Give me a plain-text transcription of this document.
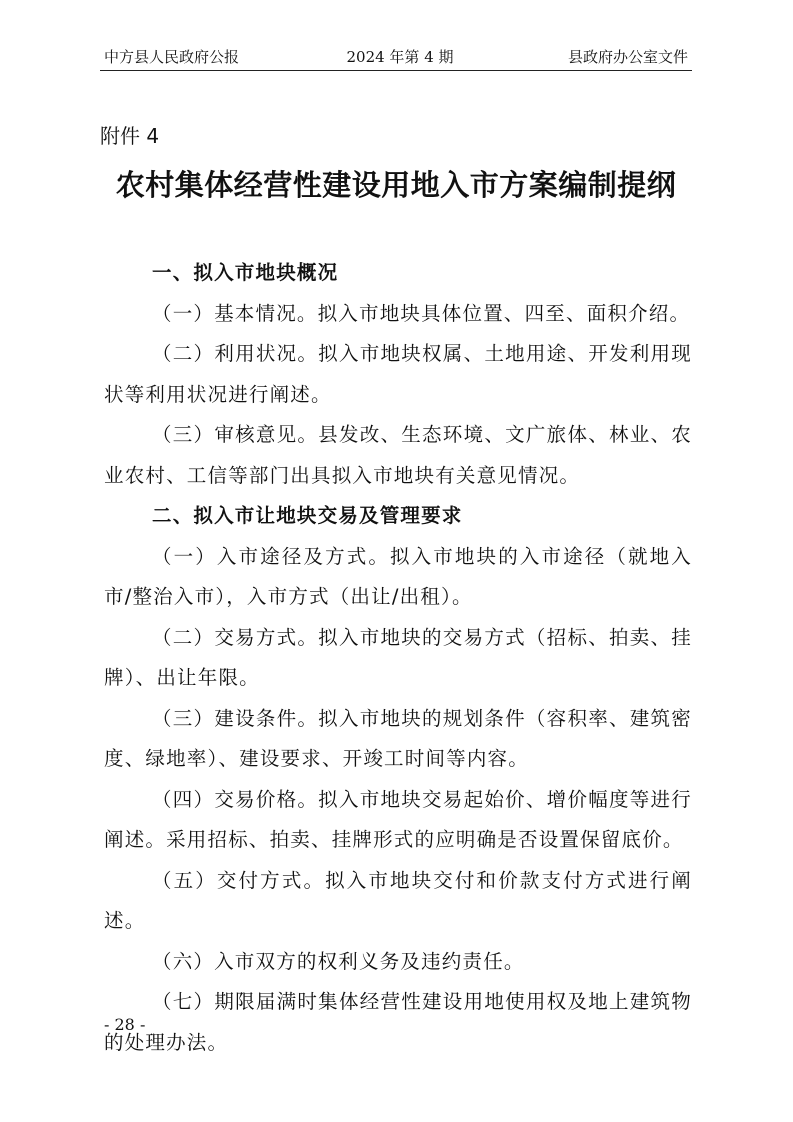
中方县人民政府公报	2024 年第 4 期	县政府办公室文件
附件 4
农村集体经营性建设用地入市方案编制提纲

一、拟入市地块概况

（一）基本情况。拟入市地块具体位置、四至、面积介绍。

（二）利用状况。拟入市地块权属、土地用途、开发利用现状等利用状况进行阐述。

（三）审核意见。县发改、生态环境、文广旅体、林业、农业农村、工信等部门出具拟入市地块有关意见情况。

二、拟入市让地块交易及管理要求

（一）入市途径及方式。拟入市地块的入市途径（就地入市/整治入市），入市方式（出让/出租）。

（二）交易方式。拟入市地块的交易方式（招标、拍卖、挂牌）、出让年限。

（三）建设条件。拟入市地块的规划条件（容积率、建筑密度、绿地率）、建设要求、开竣工时间等内容。

（四）交易价格。拟入市地块交易起始价、增价幅度等进行阐述。采用招标、拍卖、挂牌形式的应明确是否设置保留底价。

（五）交付方式。拟入市地块交付和价款支付方式进行阐述。

（六）入市双方的权利义务及违约责任。

（七）期限届满时集体经营性建设用地使用权及地上建筑物的处理办法。

- 28 -
